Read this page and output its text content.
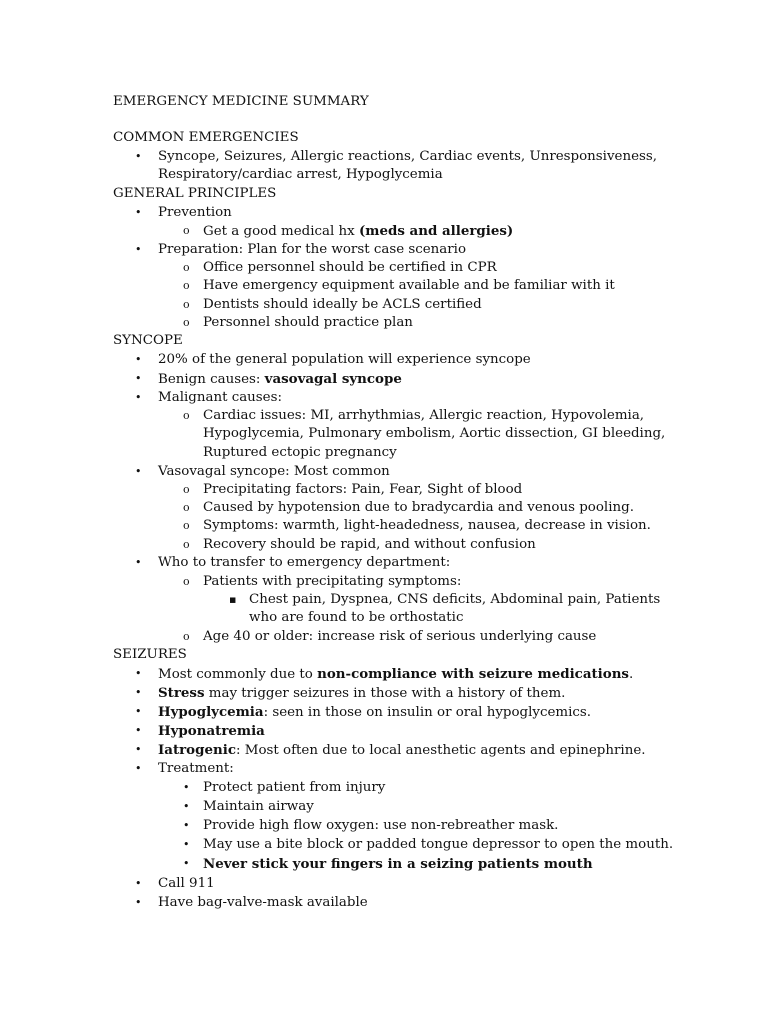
EMERGENCY MEDICINE SUMMARY
COMMON EMERGENCIES
• Syncope, Seizures, Allergic reactions, Cardiac events, Unresponsiveness,
Respiratory/cardiac arrest, Hypoglycemia
GENERAL PRINCIPLES
• Prevention
o Get a good medical hx (meds and allergies)
• Preparation: Plan for the worst case scenario
o Office personnel should be certified in CPR
o Have emergency equipment available and be familiar with it
o Dentists should ideally be ACLS certified
o Personnel should practice plan
SYNCOPE
• 20% of the general population will experience syncope
• Benign causes: vasovagal syncope
• Malignant causes:
o Cardiac issues: MI, arrhythmias, Allergic reaction, Hypovolemia,
Hypoglycemia, Pulmonary embolism, Aortic dissection, GI bleeding,
Ruptured ectopic pregnancy
• Vasovagal syncope: Most common
o Precipitating factors: Pain, Fear, Sight of blood
o Caused by hypotension due to bradycardia and venous pooling.
o Symptoms: warmth, light-headedness, nausea, decrease in vision.
o Recovery should be rapid, and without confusion
• Who to transfer to emergency department:
o Patients with precipitating symptoms:
▪ Chest pain, Dyspnea, CNS deficits, Abdominal pain, Patients
who are found to be orthostatic
o Age 40 or older: increase risk of serious underlying cause
SEIZURES
• Most commonly due to non-compliance with seizure medications.
• Stress may trigger seizures in those with a history of them.
• Hypoglycemia: seen in those on insulin or oral hypoglycemics.
• Hyponatremia
• Iatrogenic: Most often due to local anesthetic agents and epinephrine.
• Treatment:
• Protect patient from injury
• Maintain airway
• Provide high flow oxygen: use non-rebreather mask.
• May use a bite block or padded tongue depressor to open the mouth.
• Never stick your fingers in a seizing patients mouth
• Call 911
• Have bag-valve-mask available
